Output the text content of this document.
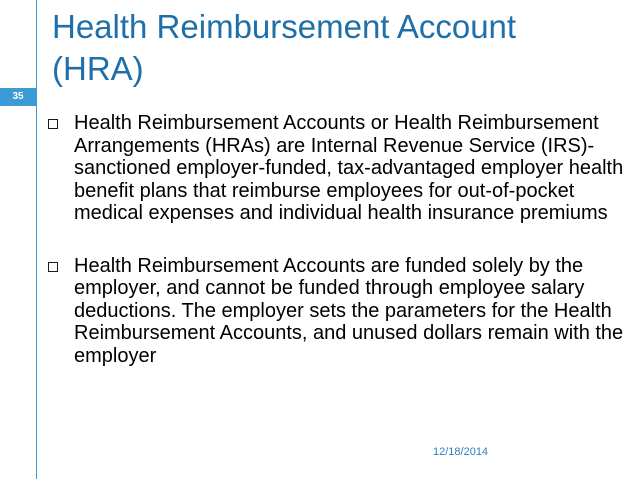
35
Health Reimbursement Account
(HRA)
Health Reimbursement Accounts or Health Reimbursement Arrangements (HRAs) are Internal Revenue Service (IRS)-sanctioned employer-funded, tax-advantaged employer health benefit plans that reimburse employees for out-of-pocket medical expenses and individual health insurance premiums
Health Reimbursement Accounts are funded solely by the employer, and cannot be funded through employee salary deductions. The employer sets the parameters for the Health Reimbursement Accounts, and unused dollars remain with the employer
12/18/2014
